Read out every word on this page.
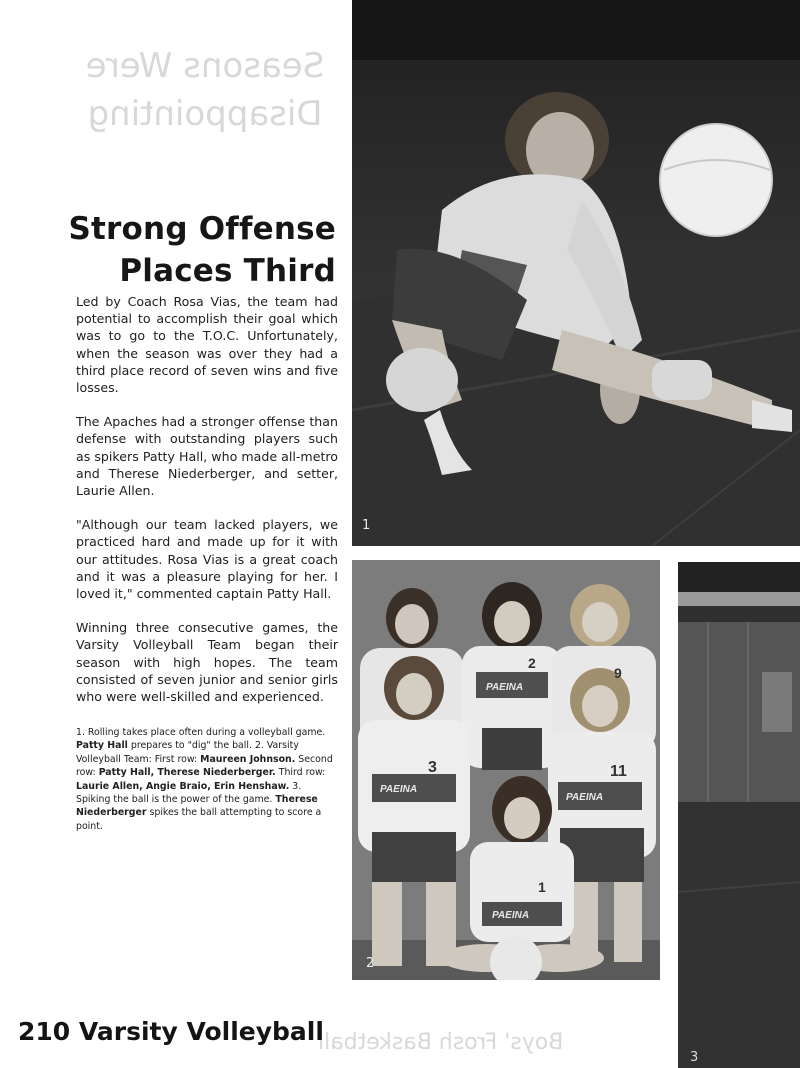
Seasons Were Disappointing
Boys' Frosh Basketball
Strong Offense
Places Third

Led by Coach Rosa Vias, the team had potential to accomplish their goal which was to go to the T.O.C. Unfortunately, when the season was over they had a third place record of seven wins and five losses.

The Apaches had a stronger offense than defense with outstanding players such as spikers Patty Hall, who made all-metro and Therese Niederberger, and setter, Laurie Allen.

"Although our team lacked players, we practiced hard and made up for it with our attitudes. Rosa Vias is a great coach and it was a pleasure playing for her. I loved it," commented captain Patty Hall.

Winning three consecutive games, the Varsity Volleyball Team began their season with high hopes. The team consisted of seven junior and senior girls who were well-skilled and experienced.

1. Rolling takes place often during a volleyball game. Patty Hall prepares to "dig" the ball. 2. Varsity Volleyball Team: First row: Maureen Johnson. Second row: Patty Hall, Therese Niederberger. Third row: Laurie Allen, Angie Braio, Erin Henshaw. 3. Spiking the ball is the power of the game. Therese Niederberger spikes the ball attempting to score a point.
1
2
9
3	11
1
PAEINA
PAEINA
PAEINA
PAEINA
2
3
210 Varsity Volleyball
